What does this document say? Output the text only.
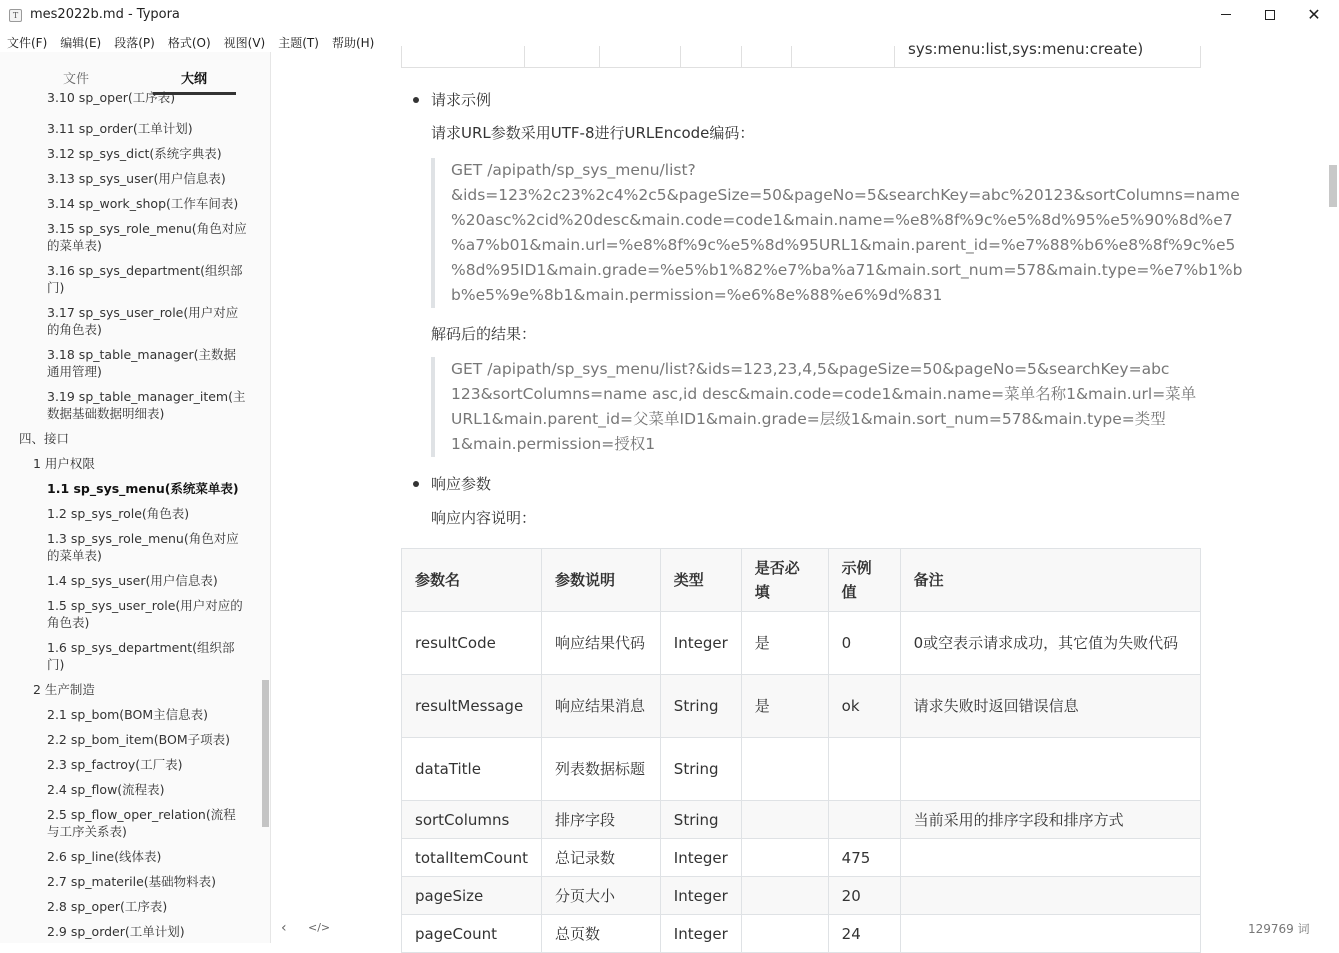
T mes2022b.md - Typora	✕
文件(F)	编辑(E)	段落(P)	格式(O)	视图(V)	主题(T)	帮助(H)
文件	大纲
3.10 sp_oper(工序表)
3.11 sp_order(工单计划)
3.12 sp_sys_dict(系统字典表)
3.13 sp_sys_user(用户信息表)
3.14 sp_work_shop(工作车间表)
3.15 sp_sys_role_menu(角色对应的菜单表)
3.16 sp_sys_department(组织部门)
3.17 sp_sys_user_role(用户对应的角色表)
3.18 sp_table_manager(主数据通用管理)
3.19 sp_table_manager_item(主数据基础数据明细表)
四、接口
1 用户权限
1.1 sp_sys_menu(系统菜单表)
1.2 sp_sys_role(角色表)
1.3 sp_sys_role_menu(角色对应的菜单表)
1.4 sp_sys_user(用户信息表)
1.5 sp_sys_user_role(用户对应的角色表)
1.6 sp_sys_department(组织部门)
2 生产制造
2.1 sp_bom(BOM主信息表)
2.2 sp_bom_item(BOM子项表)
2.3 sp_factroy(工厂表)
2.4 sp_flow(流程表)
2.5 sp_flow_oper_relation(流程与工序关系表)
2.6 sp_line(线体表)
2.7 sp_materile(基础物料表)
2.8 sp_oper(工序表)
2.9 sp_order(工单计划)
sys:menu:list,sys:menu:create)
请求示例
请求URL参数采用UTF-8进行URLEncode编码：
GET /apipath/sp_sys_menu/list?
&ids=123%2c23%2c4%2c5&pageSize=50&pageNo=5&searchKey=abc%20123&sortColumns=name
%20asc%2cid%20desc&main.code=code1&main.name=%e8%8f%9c%e5%8d%95%e5%90%8d%e7
%a7%b01&main.url=%e8%8f%9c%e5%8d%95URL1&main.parent_id=%e7%88%b6%e8%8f%9c%e5
%8d%95ID1&main.grade=%e5%b1%82%e7%ba%a71&main.sort_num=578&main.type=%e7%b1%b
b%e5%9e%8b1&main.permission=%e6%8e%88%e6%9d%831
解码后的结果：
GET /apipath/sp_sys_menu/list?&ids=123,23,4,5&pageSize=50&pageNo=5&searchKey=abc
123&sortColumns=name asc,id desc&main.code=code1&main.name=菜单名称1&main.url=菜单
URL1&main.parent_id=父菜单ID1&main.grade=层级1&main.sort_num=578&main.type=类型
1&main.permission=授权1
响应参数
响应内容说明：
参数名	参数说明	类型	是否必填	示例值	备注
resultCode	响应结果代码	Integer	是	0	0或空表示请求成功，其它值为失败代码
resultMessage	响应结果消息	String	是	ok	请求失败时返回错误信息
dataTitle	列表数据标题	String			
sortColumns	排序字段	String			当前采用的排序字段和排序方式
totalItemCount	总记录数	Integer		475	
pageSize	分页大小	Integer		20	
pageCount	总页数	Integer		24	
‹ </>	129769 词
